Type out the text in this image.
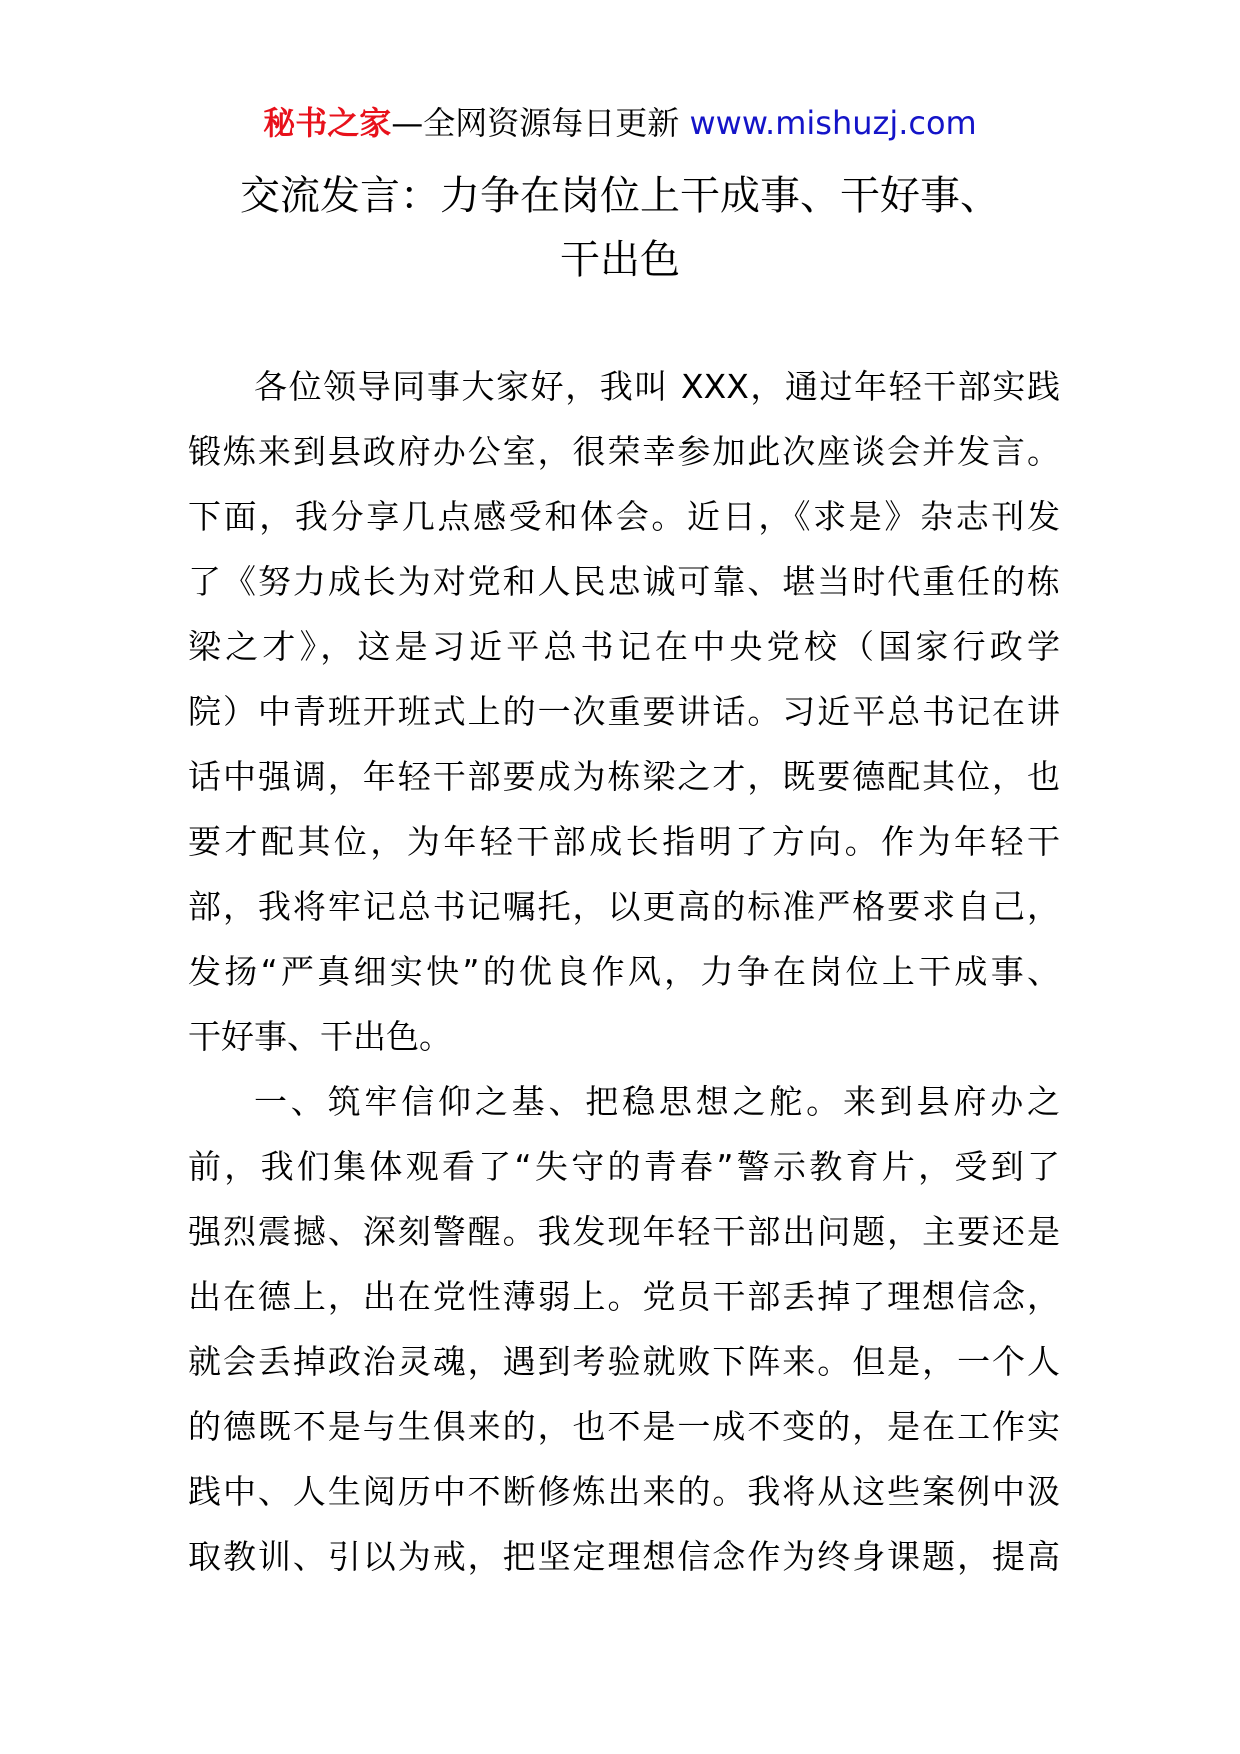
秘书之家—全网资源每日更新 www.mishuzj.com
交流发言：力争在岗位上干成事、干好事、
干出色
各位领导同事大家好，我叫 XXX，通过年轻干部实践
锻炼来到县政府办公室，很荣幸参加此次座谈会并发言。
下面，我分享几点感受和体会。近日，《求是》杂志刊发
了《努力成长为对党和人民忠诚可靠、堪当时代重任的栋
梁之才》，这是习近平总书记在中央党校（国家行政学
院）中青班开班式上的一次重要讲话。习近平总书记在讲
话中强调，年轻干部要成为栋梁之才，既要德配其位，也
要才配其位，为年轻干部成长指明了方向。作为年轻干
部，我将牢记总书记嘱托，以更高的标准严格要求自己，
发扬“严真细实快”的优良作风，力争在岗位上干成事、
干好事、干出色。
一、筑牢信仰之基、把稳思想之舵。来到县府办之
前，我们集体观看了“失守的青春”警示教育片，受到了
强烈震撼、深刻警醒。我发现年轻干部出问题，主要还是
出在德上，出在党性薄弱上。党员干部丢掉了理想信念，
就会丢掉政治灵魂，遇到考验就败下阵来。但是，一个人
的德既不是与生俱来的，也不是一成不变的，是在工作实
践中、人生阅历中不断修炼出来的。我将从这些案例中汲
取教训、引以为戒，把坚定理想信念作为终身课题，提高
